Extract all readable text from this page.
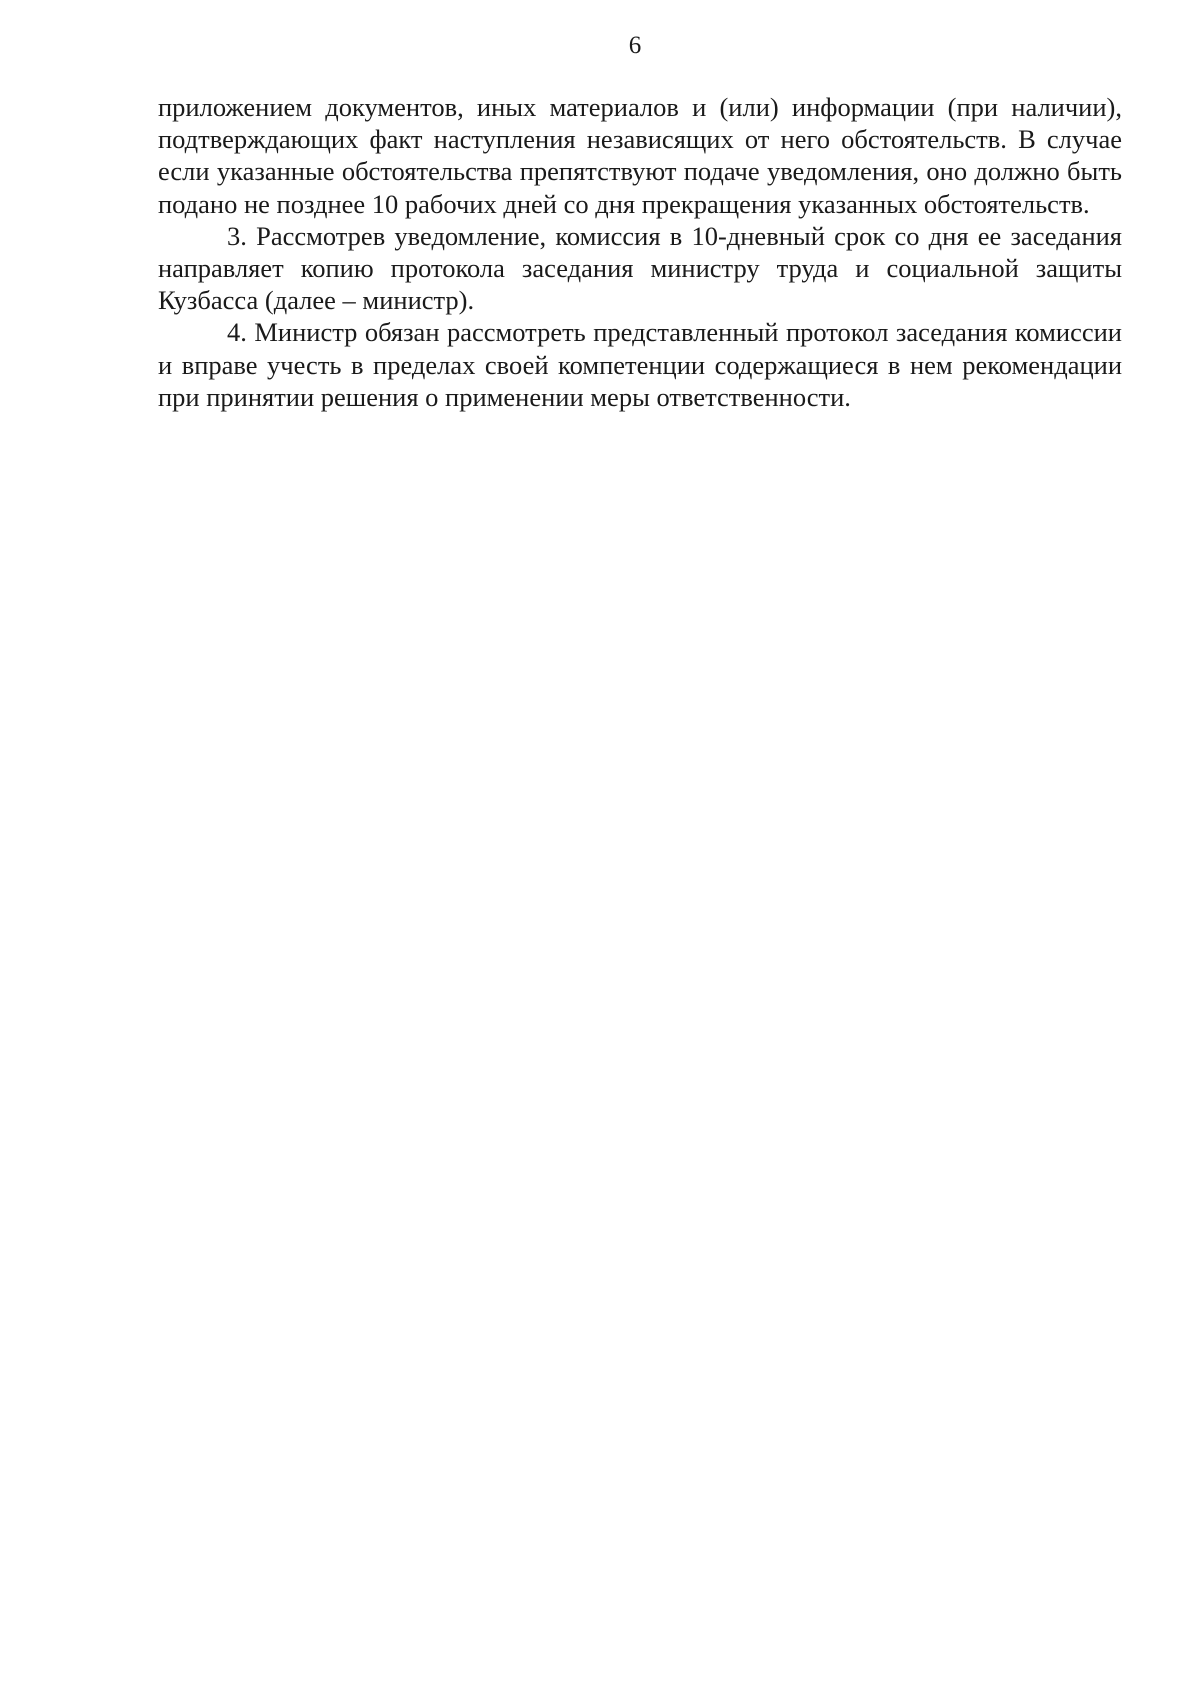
6

приложением документов, иных материалов и (или) информации (при наличии), подтверждающих факт наступления независящих от него обстоятельств. В случае если указанные обстоятельства препятствуют подаче уведомления, оно должно быть подано не позднее 10 рабочих дней со дня прекращения указанных обстоятельств.

3. Рассмотрев уведомление, комиссия в 10-дневный срок со дня ее заседания направляет копию протокола заседания министру труда и социальной защиты Кузбасса (далее – министр).

4. Министр обязан рассмотреть представленный протокол заседания комиссии и вправе учесть в пределах своей компетенции содержащиеся в нем рекомендации при принятии решения о применении меры ответственности.
